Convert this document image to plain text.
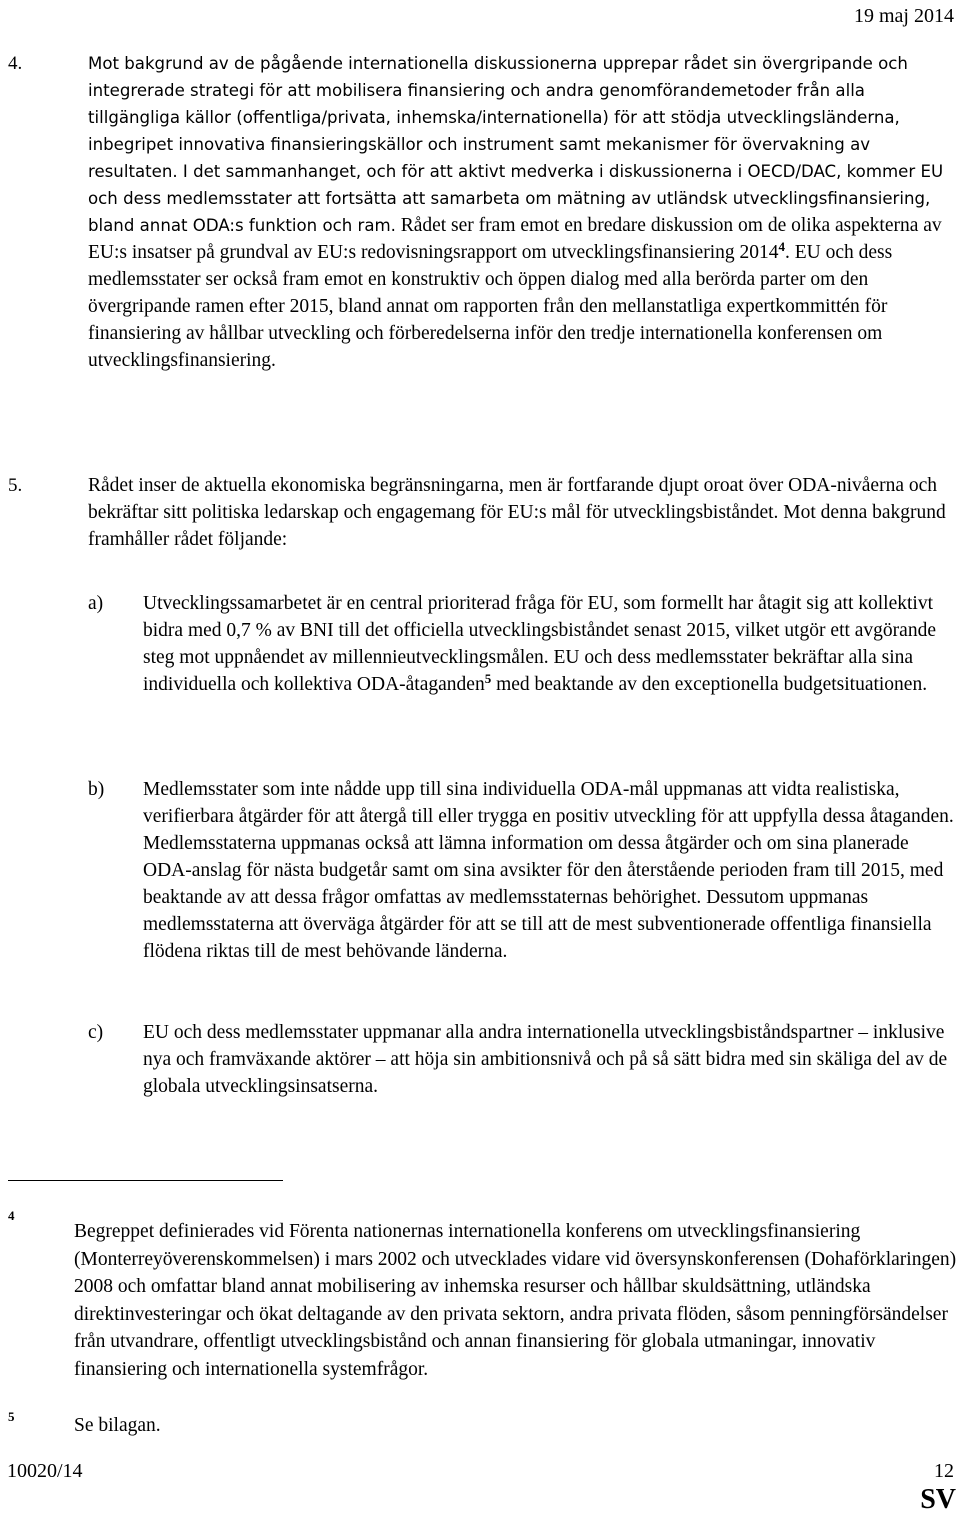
19 maj 2014
4.	Mot bakgrund av de pågående internationella diskussionerna upprepar rådet sin övergripande och integrerade strategi för att mobilisera finansiering och andra genomförandemetoder från alla tillgängliga källor (offentliga/privata, inhemska/internationella) för att stödja utvecklingsländerna, inbegripet innovativa finansieringskällor och instrument samt mekanismer för övervakning av resultaten. I det sammanhanget, och för att aktivt medverka i diskussionerna i OECD/DAC, kommer EU och dess medlemsstater att fortsätta att samarbeta om mätning av utländsk utvecklingsfinansiering, bland annat ODA:s funktion och ram. Rådet ser fram emot en bredare diskussion om de olika aspekterna av EU:s insatser på grundval av EU:s redovisningsrapport om utvecklingsfinansiering 2014$^4$. EU och dess medlemsstater ser också fram emot en konstruktiv och öppen dialog med alla berörda parter om den övergripande ramen efter 2015, bland annat om rapporten från den mellanstatliga expertkommittén för finansiering av hållbar utveckling och förberedelserna inför den tredje internationella konferensen om utvecklingsfinansiering.
5.	Rådet inser de aktuella ekonomiska begränsningarna, men är fortfarande djupt oroat över ODA-nivåerna och bekräftar sitt politiska ledarskap och engagemang för EU:s mål för utvecklingsbiståndet. Mot denna bakgrund framhåller rådet följande:
a) Utvecklingssamarbetet är en central prioriterad fråga för EU, som formellt har åtagit sig att kollektivt bidra med 0,7 % av BNI till det officiella utvecklingsbiståndet senast 2015, vilket utgör ett avgörande steg mot uppnåendet av millennieutvecklingsmålen. EU och dess medlemsstater bekräftar alla sina individuella och kollektiva ODA-åtaganden$^5$ med beaktande av den exceptionella budgetsituationen.
b) Medlemsstater som inte nådde upp till sina individuella ODA-mål uppmanas att vidta realistiska, verifierbara åtgärder för att återgå till eller trygga en positiv utveckling för att uppfylla dessa åtaganden. Medlemsstaterna uppmanas också att lämna information om dessa åtgärder och om sina planerade ODA-anslag för nästa budgetår samt om sina avsikter för den återstående perioden fram till 2015, med beaktande av att dessa frågor omfattas av medlemsstaternas behörighet. Dessutom uppmanas medlemsstaterna att överväga åtgärder för att se till att de mest subventionerade offentliga finansiella flödena riktas till de mest behövande länderna.
c) EU och dess medlemsstater uppmanar alla andra internationella utvecklingsbiståndspartner – inklusive nya och framväxande aktörer – att höja sin ambitionsnivå och på så sätt bidra med sin skäliga del av de globala utvecklingsinsatserna.
4
Begreppet definierades vid Förenta nationernas internationella konferens om utvecklingsfinansiering (Monterreyöverenskommelsen) i mars 2002 och utvecklades vidare vid översynskonferensen (Dohaförklaringen) 2008 och omfattar bland annat mobilisering av inhemska resurser och hållbar skuldsättning, utländska direktinvesteringar och ökat deltagande av den privata sektorn, andra privata flöden, såsom penningförsändelser från utvandrare, offentligt utvecklingsbistånd och annan finansiering för globala utmaningar, innovativ finansiering och internationella systemfrågor.
5	Se bilagan.
10020/14	12
SV
